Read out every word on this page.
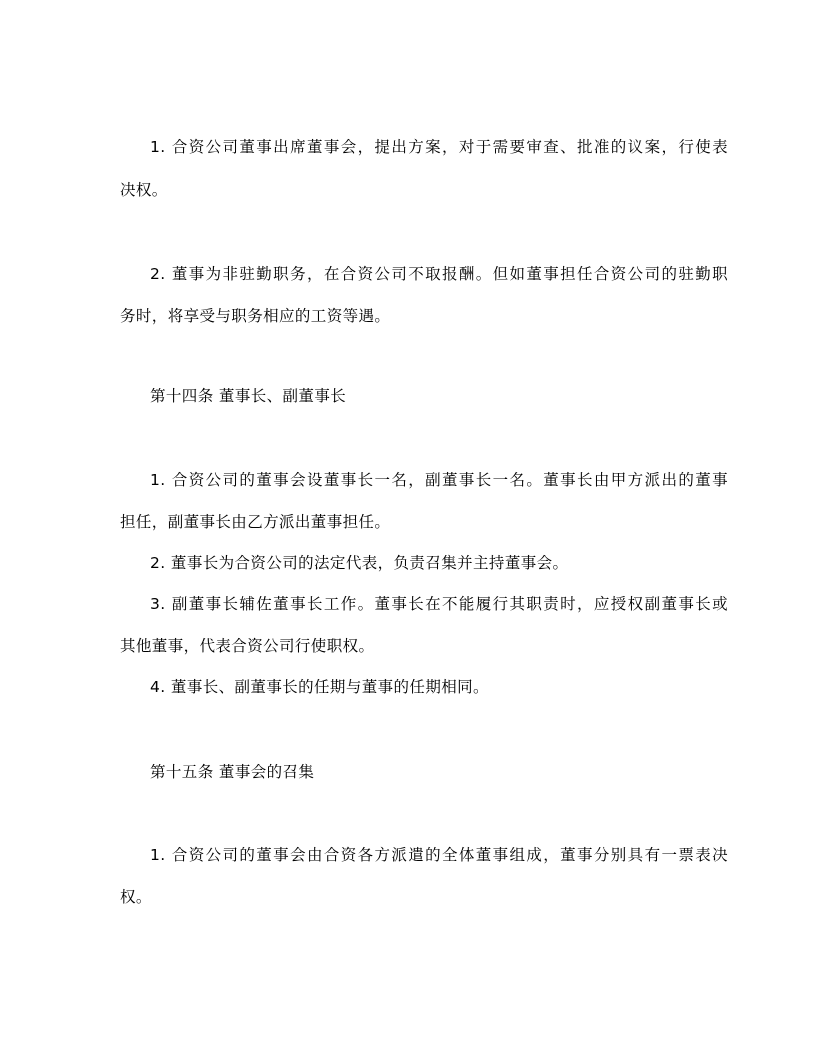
1. 合资公司董事出席董事会，提出方案，对于需要审查、批准的议案，行使表
决权。
2. 董事为非驻勤职务，在合资公司不取报酬。但如董事担任合资公司的驻勤职
务时，将享受与职务相应的工资等遇。
第十四条 董事长、副董事长
1. 合资公司的董事会设董事长一名，副董事长一名。董事长由甲方派出的董事
担任，副董事长由乙方派出董事担任。
2. 董事长为合资公司的法定代表，负责召集并主持董事会。
3. 副董事长辅佐董事长工作。董事长在不能履行其职责时，应授权副董事长或
其他董事，代表合资公司行使职权。
4. 董事长、副董事长的任期与董事的任期相同。
第十五条 董事会的召集
1. 合资公司的董事会由合资各方派遣的全体董事组成，董事分别具有一票表决
权。
